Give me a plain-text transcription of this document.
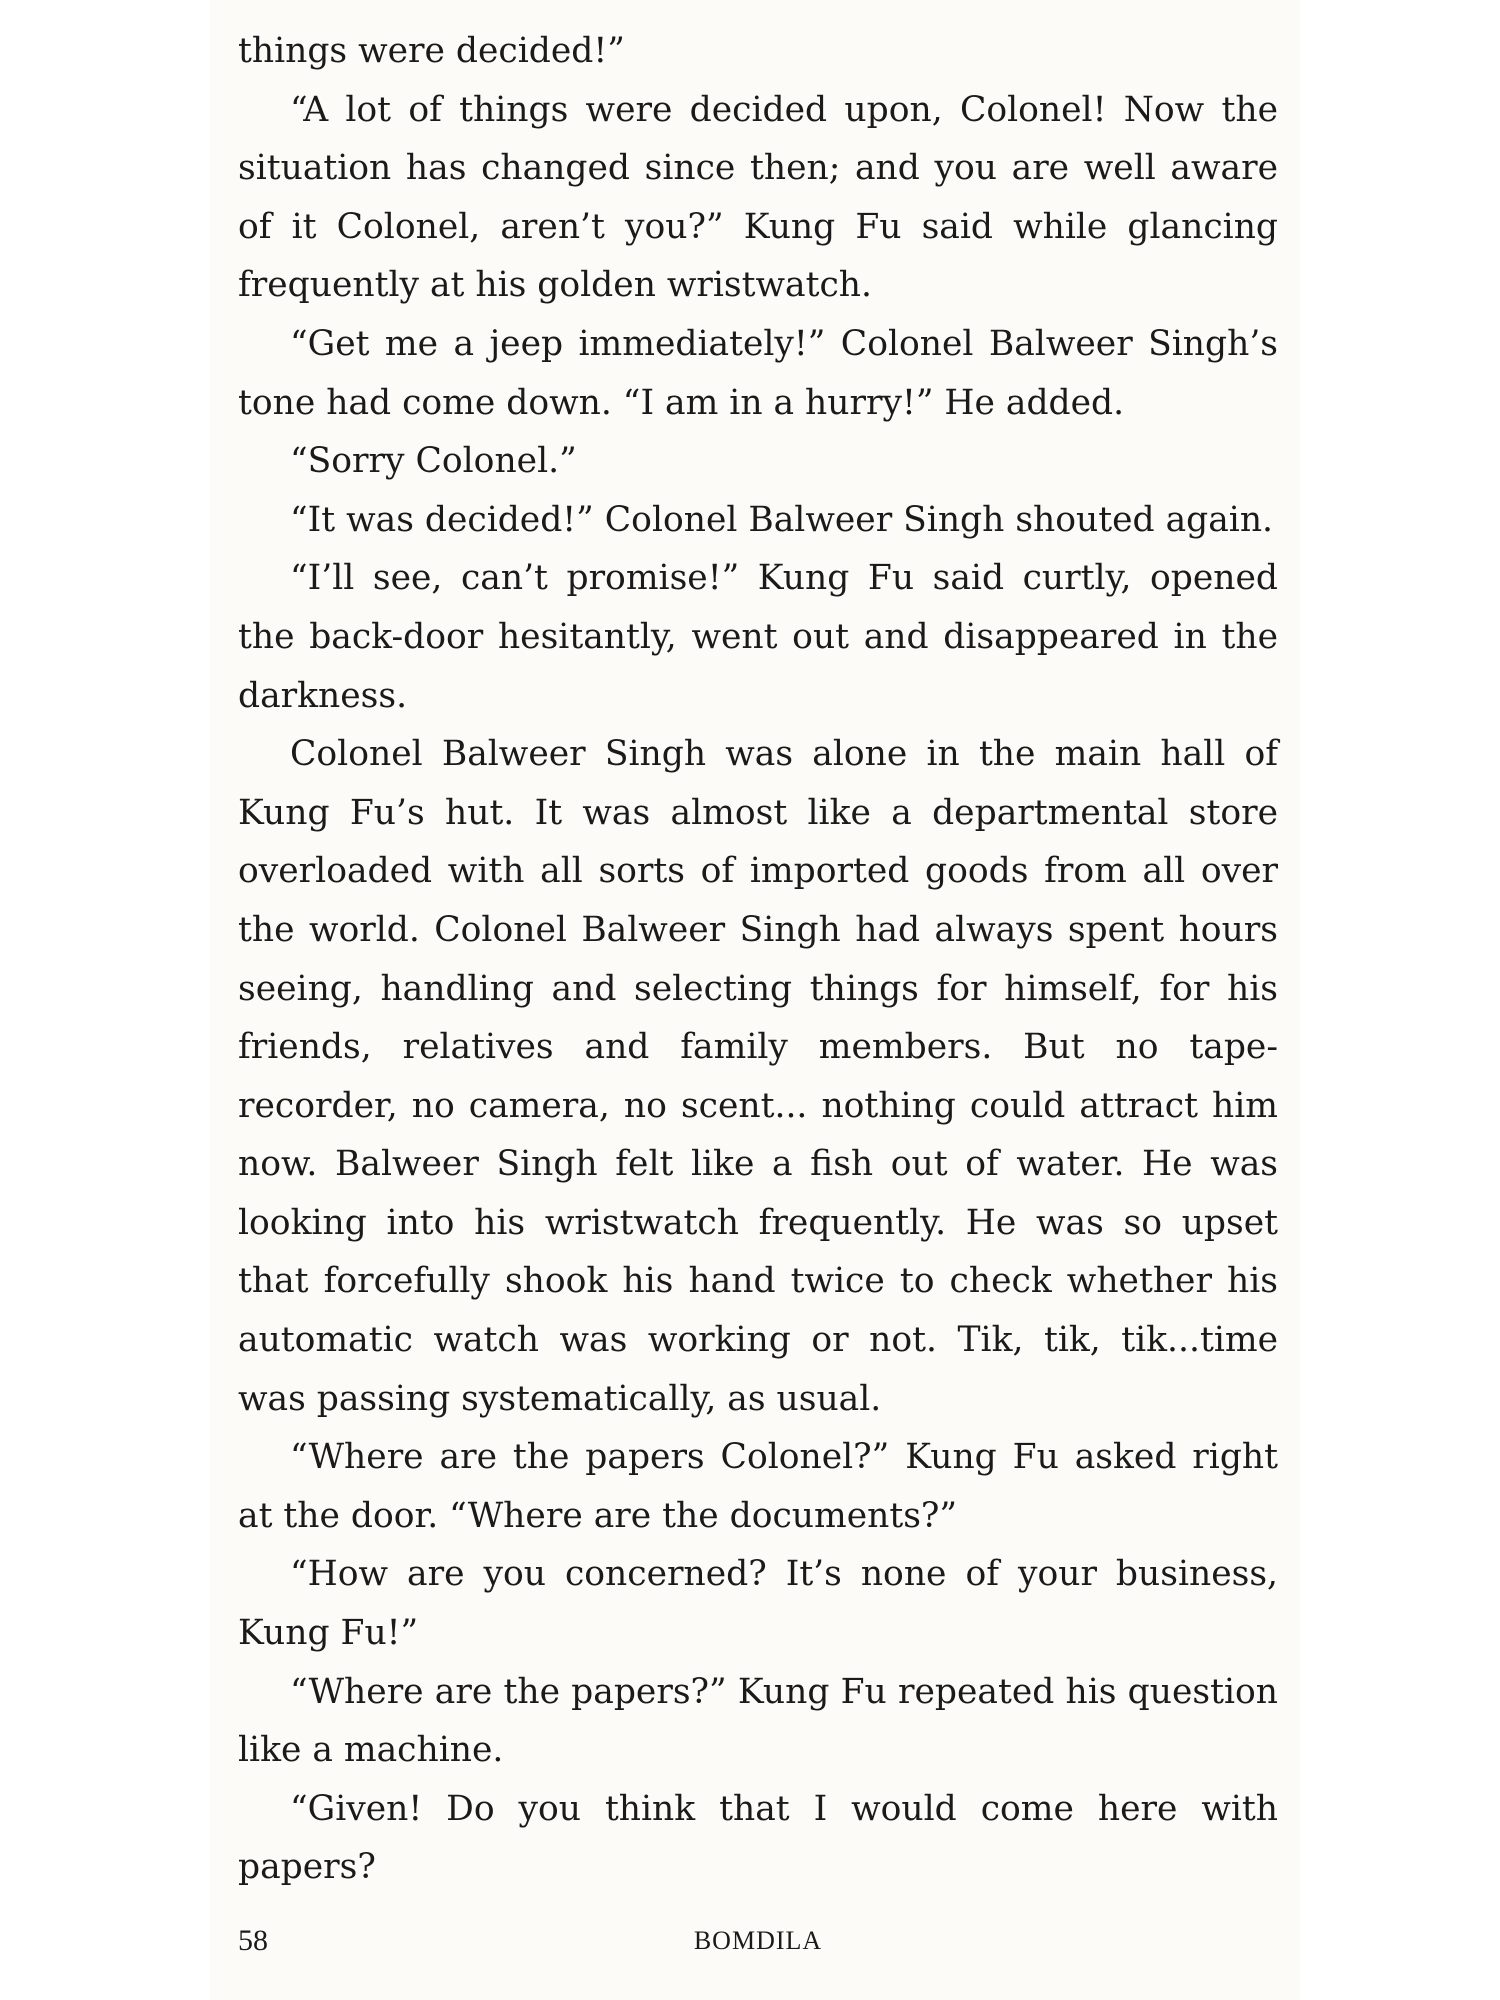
things were decided!”

“A lot of things were decided upon, Colonel! Now the situation has changed since then; and you are well aware of it Colonel, aren’t you?” Kung Fu said while glancing frequently at his golden wristwatch.

“Get me a jeep immediately!” Colonel Balweer Singh’s tone had come down. “I am in a hurry!” He added.

“Sorry Colonel.”

“It was decided!” Colonel Balweer Singh shouted again.

“I’ll see, can’t promise!” Kung Fu said curtly, opened the back-door hesitantly, went out and disappeared in the darkness.

Colonel Balweer Singh was alone in the main hall of Kung Fu’s hut. It was almost like a departmental store overloaded with all sorts of imported goods from all over the world. Colonel Balweer Singh had always spent hours seeing, handling and selecting things for himself, for his friends, relatives and family members. But no tape-recorder, no camera, no scent... nothing could attract him now. Balweer Singh felt like a fish out of water. He was looking into his wristwatch frequently. He was so upset that forcefully shook his hand twice to check whether his automatic watch was working or not. Tik, tik, tik...time was passing systematically, as usual.

“Where are the papers Colonel?” Kung Fu asked right at the door. “Where are the documents?”

“How are you concerned? It’s none of your business, Kung Fu!”

“Where are the papers?” Kung Fu repeated his question like a machine.

“Given! Do you think that I would come here with papers?

58	BOMDILA
